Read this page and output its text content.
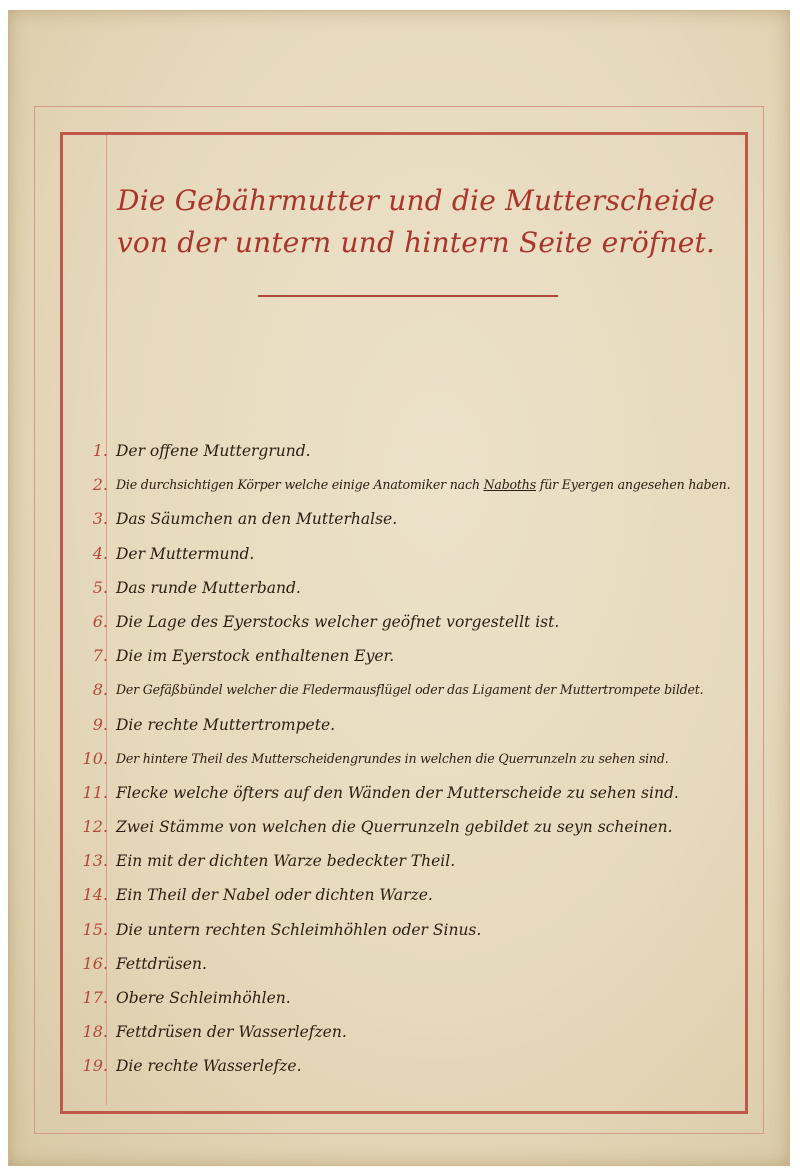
Die Gebährmutter und die Mutterscheide von der untern und hintern Seite eröfnet.
1. Der offene Muttergrund.
2. Die durchsichtigen Körper welche einige Anatomiker nach Naboths für Eyergen angesehen haben.
3. Das Säumchen an den Mutterhalse.
4. Der Muttermund.
5. Das runde Mutterband.
6. Die Lage des Eyerstocks welcher geöfnet vorgestellt ist.
7. Die im Eyerstock enthaltenen Eyer.
8. Der Gefäßbündel welcher die Fledermausflügel oder das Ligament der Muttertrompete bildet.
9. Die rechte Muttertrompete.
10. Der hintere Theil des Mutterscheidengrundes in welchen die Querrunzeln zu sehen sind.
11. Flecke welche öfters auf den Wänden der Mutterscheide zu sehen sind.
12. Zwei Stämme von welchen die Querrunzeln gebildet zu seyn scheinen.
13. Ein mit der dichten Warze bedeckter Theil.
14. Ein Theil der Nabel oder dichten Warze.
15. Die untern rechten Schleimhöhlen oder Sinus.
16. Fettdrüsen.
17. Obere Schleimhöhlen.
18. Fettdrüsen der Wasserlefzen.
19. Die rechte Wasserlefze.
